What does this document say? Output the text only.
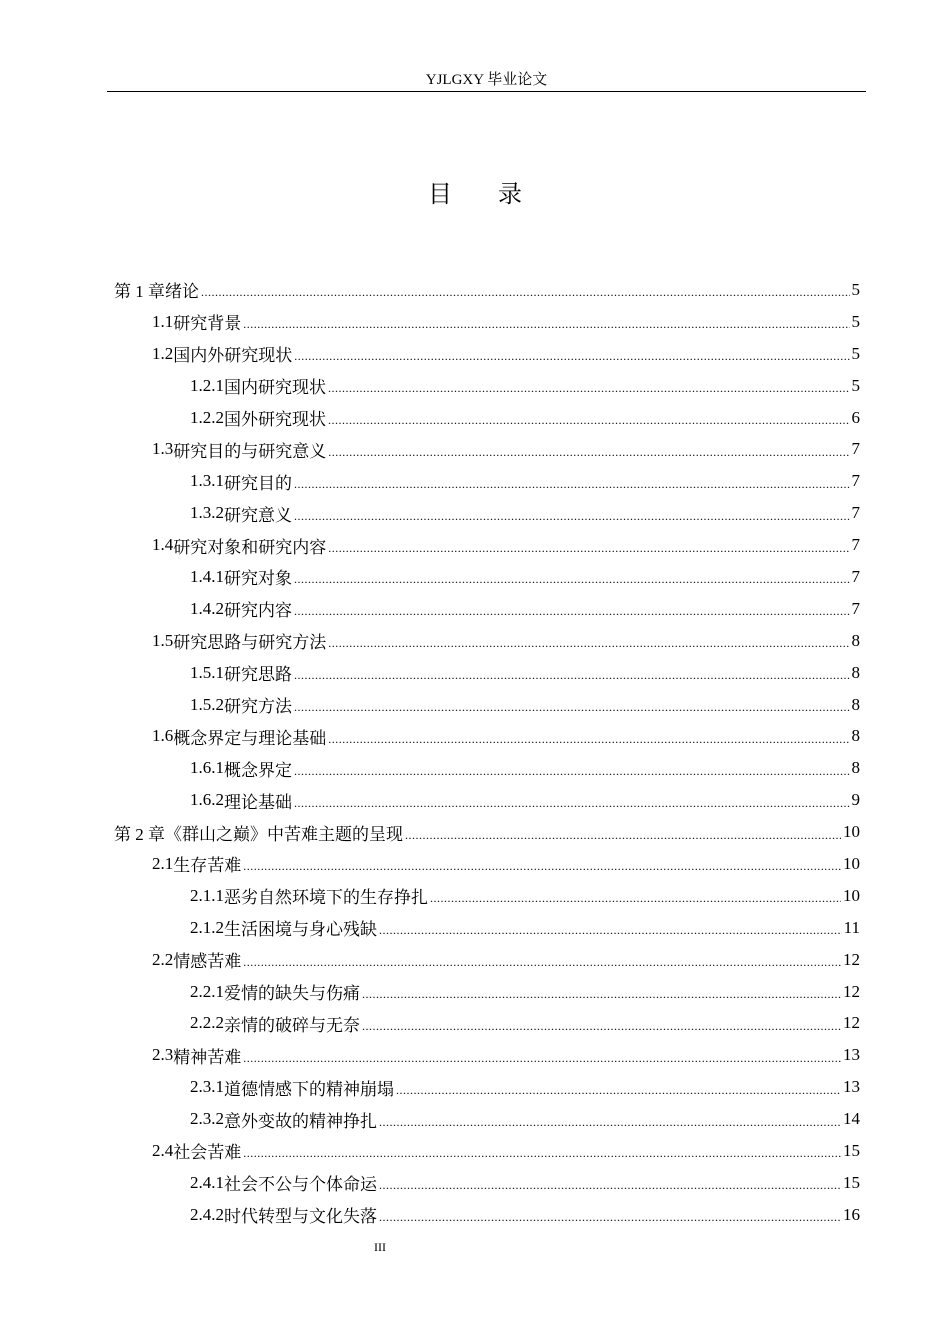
YJLGXY 毕业论文
目录
第 1 章 绪论 .....	5
1.1 研究背景 .....	5
1.2 国内外研究现状 .....	5
1.2.1 国内研究现状 .....	5
1.2.2 国外研究现状 .....	6
1.3 研究目的与研究意义 .....	7
1.3.1 研究目的 .....	7
1.3.2 研究意义 .....	7
1.4 研究对象和研究内容 .....	7
1.4.1 研究对象 .....	7
1.4.2 研究内容 .....	7
1.5 研究思路与研究方法 .....	8
1.5.1 研究思路 .....	8
1.5.2 研究方法 .....	8
1.6 概念界定与理论基础 .....	8
1.6.1 概念界定 .....	8
1.6.2 理论基础 .....	9
第 2 章 《群山之巅》中苦难主题的呈现 .....	10
2.1 生存苦难 .....	10
2.1.1 恶劣自然环境下的生存挣扎 .....	10
2.1.2 生活困境与身心残缺 .....	11
2.2 情感苦难 .....	12
2.2.1 爱情的缺失与伤痛 .....	12
2.2.2 亲情的破碎与无奈 .....	12
2.3 精神苦难 .....	13
2.3.1 道德情感下的精神崩塌 .....	13
2.3.2 意外变故的精神挣扎 .....	14
2.4 社会苦难 .....	15
2.4.1 社会不公与个体命运 .....	15
2.4.2 时代转型与文化失落 .....	16
III
